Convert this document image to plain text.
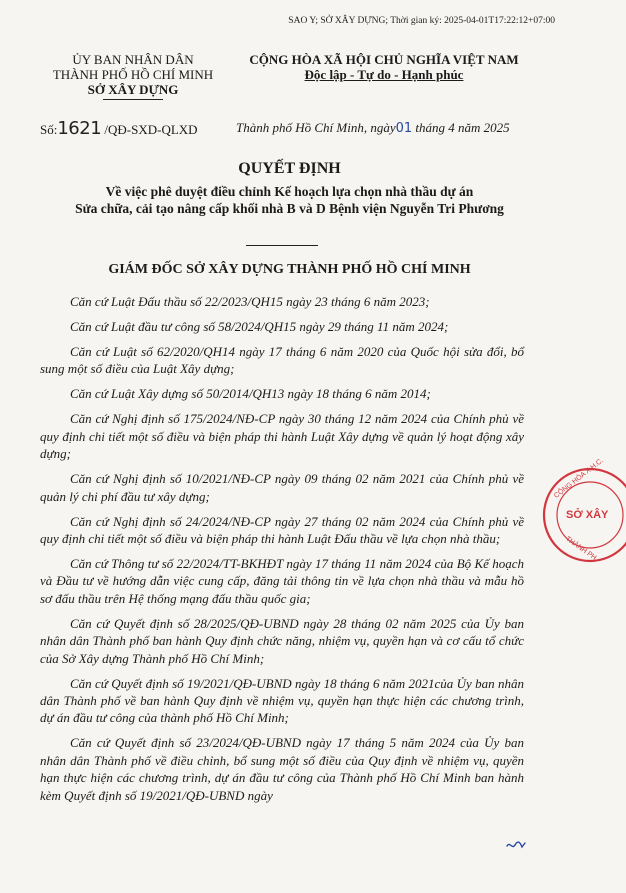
SAO Y; SỞ XÂY DỰNG; Thời gian ký: 2025-04-01T17:22:12+07:00
ỦY BAN NHÂN DÂN
THÀNH PHỐ HỒ CHÍ MINH
SỞ XÂY DỰNG
CỘNG HÒA XÃ HỘI CHỦ NGHĨA VIỆT NAM
Độc lập - Tự do - Hạnh phúc
Số:1621 /QĐ-SXD-QLXD	Thành phố Hồ Chí Minh, ngày01 tháng 4 năm 2025
QUYẾT ĐỊNH
Về việc phê duyệt điều chỉnh Kế hoạch lựa chọn nhà thầu dự án
Sửa chữa, cải tạo nâng cấp khối nhà B và D Bệnh viện Nguyễn Tri Phương
GIÁM ĐỐC SỞ XÂY DỰNG THÀNH PHỐ HỒ CHÍ MINH

Căn cứ Luật Đấu thầu số 22/2023/QH15 ngày 23 tháng 6 năm 2023;

Căn cứ Luật đầu tư công số 58/2024/QH15 ngày 29 tháng 11 năm 2024;

Căn cứ Luật số 62/2020/QH14 ngày 17 tháng 6 năm 2020 của Quốc hội sửa đổi, bổ sung một số điều của Luật Xây dựng;

Căn cứ Luật Xây dựng số 50/2014/QH13 ngày 18 tháng 6 năm 2014;

Căn cứ Nghị định số 175/2024/NĐ-CP ngày 30 tháng 12 năm 2024 của Chính phủ về quy định chi tiết một số điều và biện pháp thi hành Luật Xây dựng về quản lý hoạt động xây dựng;

Căn cứ Nghị định số 10/2021/NĐ-CP ngày 09 tháng 02 năm 2021 của Chính phủ về quản lý chi phí đầu tư xây dựng;

Căn cứ Nghị định số 24/2024/NĐ-CP ngày 27 tháng 02 năm 2024 của Chính phủ về quy định chi tiết một số điều và biện pháp thi hành Luật Đấu thầu về lựa chọn nhà thầu;

Căn cứ Thông tư số 22/2024/TT-BKHĐT ngày 17 tháng 11 năm 2024 của Bộ Kế hoạch và Đầu tư về hướng dẫn việc cung cấp, đăng tải thông tin về lựa chọn nhà thầu và mẫu hồ sơ đấu thầu trên Hệ thống mạng đấu thầu quốc gia;

Căn cứ Quyết định số 28/2025/QĐ-UBND ngày 28 tháng 02 năm 2025 của Ủy ban nhân dân Thành phố ban hành Quy định chức năng, nhiệm vụ, quyền hạn và cơ cấu tổ chức của Sở Xây dựng Thành phố Hồ Chí Minh;

Căn cứ Quyết định số 19/2021/QĐ-UBND ngày 18 tháng 6 năm 2021của Ủy ban nhân dân Thành phố về ban hành Quy định về nhiệm vụ, quyền hạn thực hiện các chương trình, dự án đầu tư công của thành phố Hồ Chí Minh;

Căn cứ Quyết định số 23/2024/QĐ-UBND ngày 17 tháng 5 năm 2024 của Ủy ban nhân dân Thành phố về điều chỉnh, bổ sung một số điều của Quy định về nhiệm vụ, quyền hạn thực hiện các chương trình, dự án đầu tư công của Thành phố Hồ Chí Minh ban hành kèm Quyết định số 19/2021/QĐ-UBND ngày

CỘNG HÒA X.H.C.
SỞ XÂY
THÀNH PH
